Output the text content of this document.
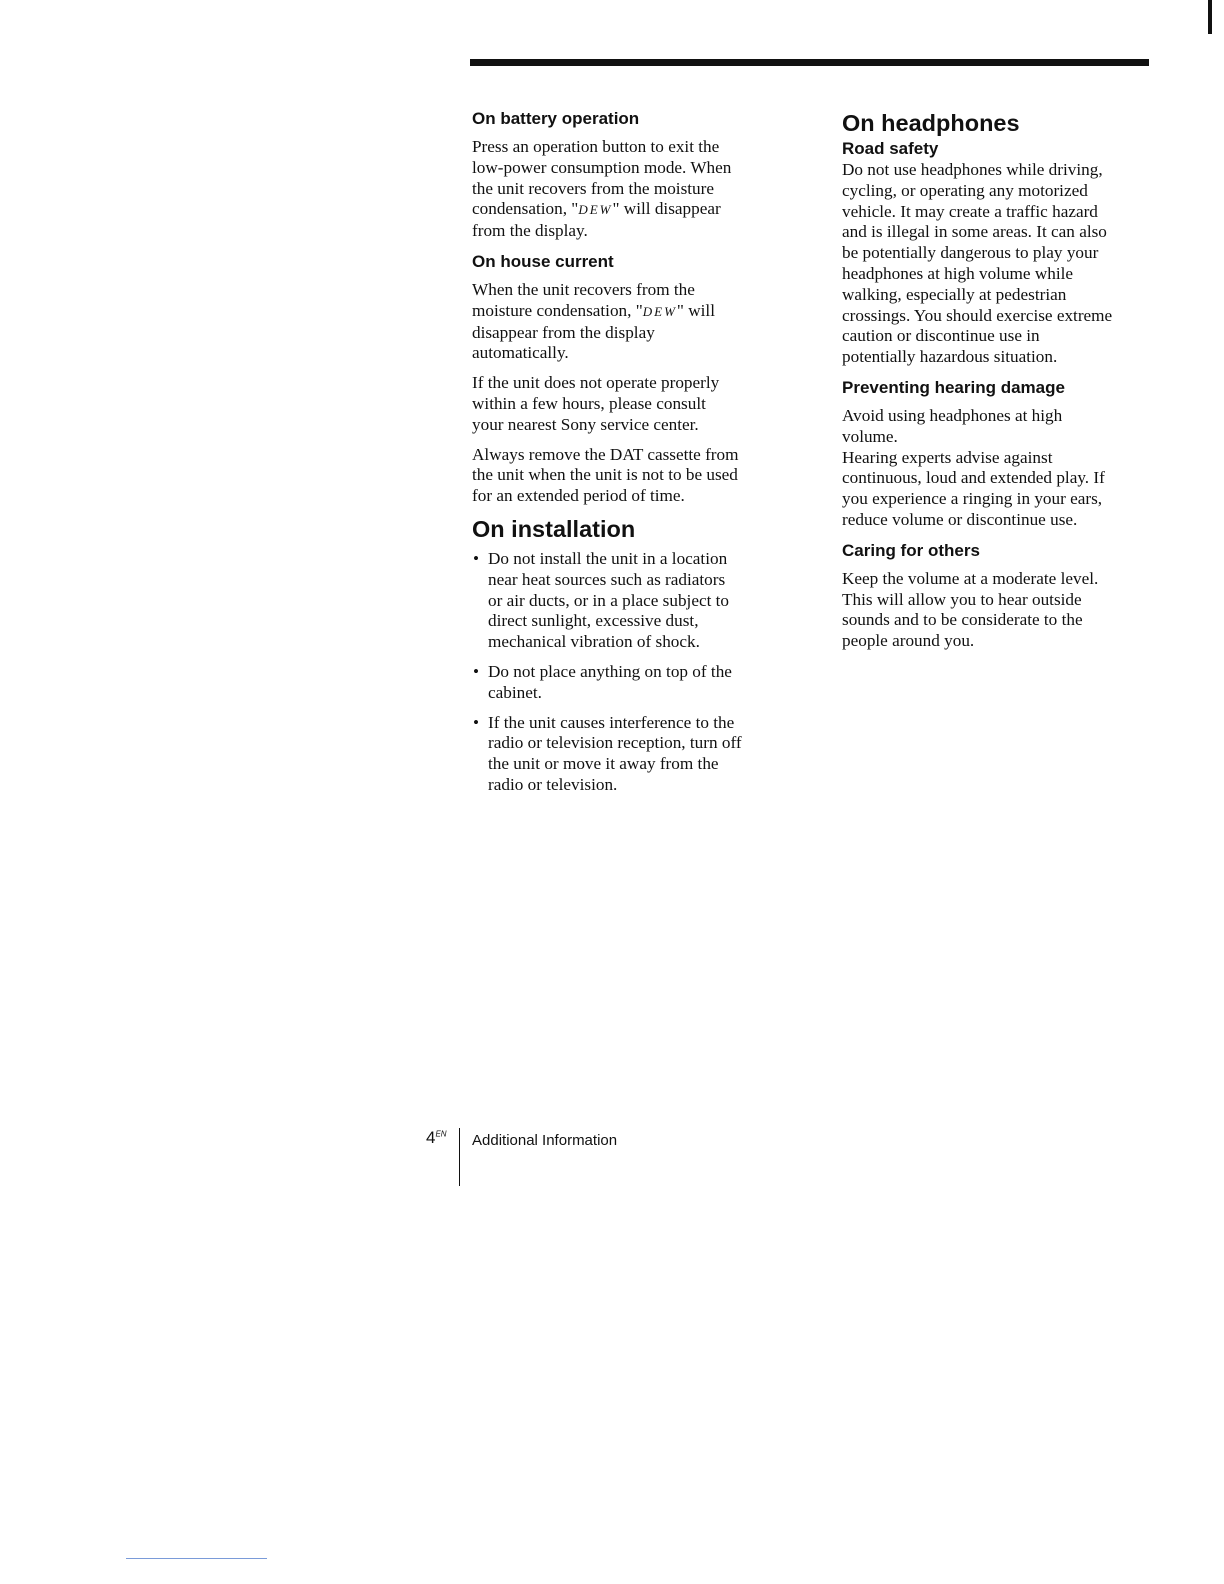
On battery operation

Press an operation button to exit the
low-power consumption mode. When
the unit recovers from the moisture
condensation, "DEW" will disappear
from the display.

On house current

When the unit recovers from the
moisture condensation, "DEW" will
disappear from the display
automatically.

If the unit does not operate properly
within a few hours, please consult
your nearest Sony service center.

Always remove the DAT cassette from
the unit when the unit is not to be used
for an extended period of time.

On installation
• Do not install the unit in a location
near heat sources such as radiators
or air ducts, or in a place subject to
direct sunlight, excessive dust,
mechanical vibration of shock.
• Do not place anything on top of the
cabinet.
• If the unit causes interference to the
radio or television reception, turn off
the unit or move it away from the
radio or television.
On headphones
Road safety

Do not use headphones while driving,
cycling, or operating any motorized
vehicle. It may create a traffic hazard
and is illegal in some areas. It can also
be potentially dangerous to play your
headphones at high volume while
walking, especially at pedestrian
crossings. You should exercise extreme
caution or discontinue use in
potentially hazardous situation.

Preventing hearing damage

Avoid using headphones at high
volume.
Hearing experts advise against
continuous, loud and extended play. If
you experience a ringing in your ears,
reduce volume or discontinue use.

Caring for others

Keep the volume at a moderate level.
This will allow you to hear outside
sounds and to be considerate to the
people around you.

$4^{EN}$ Additional Information
